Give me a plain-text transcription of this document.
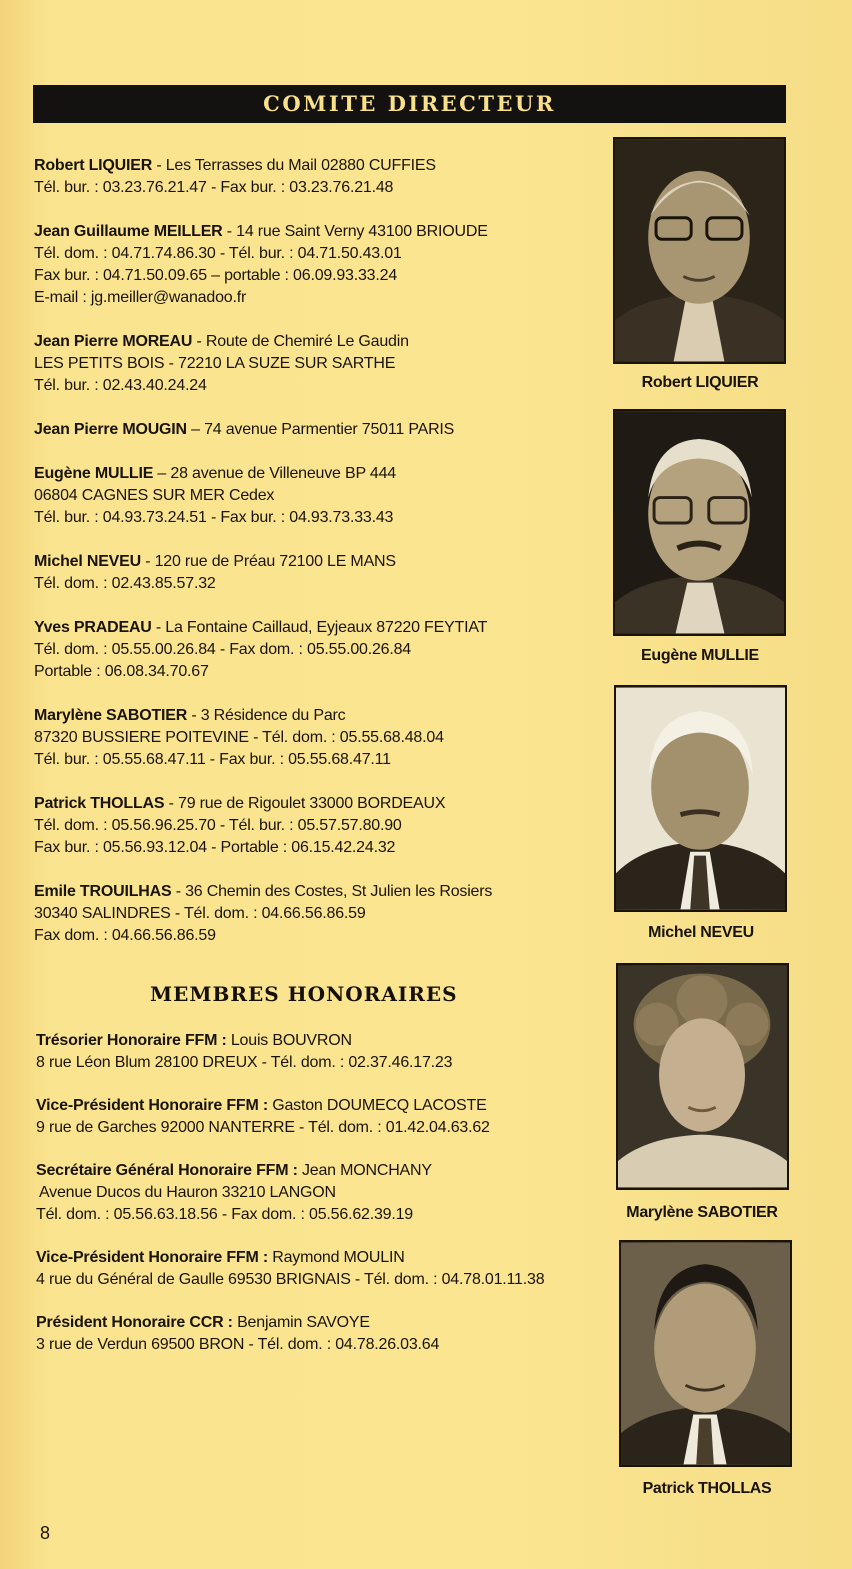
COMITE DIRECTEUR

Robert LIQUIER - Les Terrasses du Mail 02880 CUFFIES

Tél. bur. : 03.23.76.21.47 - Fax bur. : 03.23.76.21.48

Jean Guillaume MEILLER - 14 rue Saint Verny 43100 BRIOUDE

Tél. dom. : 04.71.74.86.30 - Tél. bur. : 04.71.50.43.01

Fax bur. : 04.71.50.09.65 – portable : 06.09.93.33.24

E-mail : jg.meiller@wanadoo.fr

Jean Pierre MOREAU - Route de Chemiré Le Gaudin

LES PETITS BOIS - 72210 LA SUZE SUR SARTHE

Tél. bur. : 02.43.40.24.24

Jean Pierre MOUGIN – 74 avenue Parmentier 75011 PARIS

Eugène MULLIE – 28 avenue de Villeneuve BP 444

06804 CAGNES SUR MER Cedex

Tél. bur. : 04.93.73.24.51 - Fax bur. : 04.93.73.33.43

Michel NEVEU - 120 rue de Préau 72100 LE MANS

Tél. dom. : 02.43.85.57.32

Yves PRADEAU - La Fontaine Caillaud, Eyjeaux 87220 FEYTIAT

Tél. dom. : 05.55.00.26.84 - Fax dom. : 05.55.00.26.84

Portable : 06.08.34.70.67

Marylène SABOTIER - 3 Résidence du Parc

87320 BUSSIERE POITEVINE - Tél. dom. : 05.55.68.48.04

Tél. bur. : 05.55.68.47.11 - Fax bur. : 05.55.68.47.11

Patrick THOLLAS - 79 rue de Rigoulet 33000 BORDEAUX

Tél. dom. : 05.56.96.25.70 - Tél. bur. : 05.57.57.80.90

Fax bur. : 05.56.93.12.04 - Portable : 06.15.42.24.32

Emile TROUILHAS - 36 Chemin des Costes, St Julien les Rosiers

30340 SALINDRES - Tél. dom. : 04.66.56.86.59

Fax dom. : 04.66.56.86.59

MEMBRES HONORAIRES

Trésorier Honoraire FFM : Louis BOUVRON

8 rue Léon Blum 28100 DREUX - Tél. dom. : 02.37.46.17.23

Vice-Président Honoraire FFM : Gaston DOUMECQ LACOSTE

9 rue de Garches 92000 NANTERRE - Tél. dom. : 01.42.04.63.62

Secrétaire Général Honoraire FFM : Jean MONCHANY

Avenue Ducos du Hauron 33210 LANGON

Tél. dom. : 05.56.63.18.56 - Fax dom. : 05.56.62.39.19

Vice-Président Honoraire FFM : Raymond MOULIN

4 rue du Général de Gaulle 69530 BRIGNAIS - Tél. dom. : 04.78.01.11.38

Président Honoraire CCR : Benjamin SAVOYE

3 rue de Verdun 69500 BRON - Tél. dom. : 04.78.26.03.64

Robert LIQUIER
Eugène MULLIE
Michel NEVEU
Marylène SABOTIER
Patrick THOLLAS
8
